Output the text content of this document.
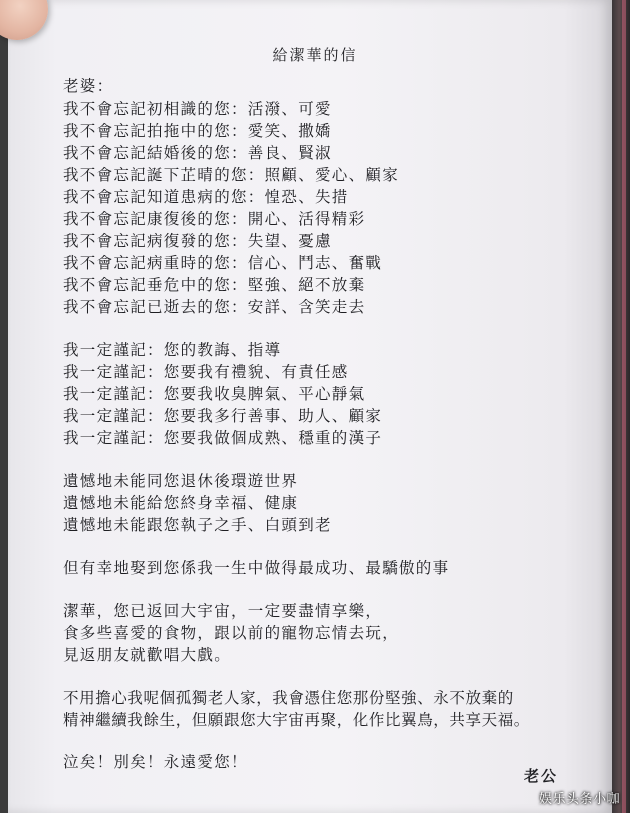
給潔華的信
老婆：
我不會忘記初相識的您：活潑、可愛
我不會忘記拍拖中的您：愛笑、撒嬌
我不會忘記結婚後的您：善良、賢淑
我不會忘記誕下芷晴的您：照顧、愛心、顧家
我不會忘記知道患病的您：惶恐、失措
我不會忘記康復後的您：開心、活得精彩
我不會忘記病復發的您：失望、憂慮
我不會忘記病重時的您：信心、鬥志、奮戰
我不會忘記垂危中的您：堅強、絕不放棄
我不會忘記已逝去的您：安詳、含笑走去
我一定謹記：您的教誨、指導
我一定謹記：您要我有禮貌、有責任感
我一定謹記：您要我收臭脾氣、平心靜氣
我一定謹記：您要我多行善事、助人、顧家
我一定謹記：您要我做個成熟、穩重的漢子
遺憾地未能同您退休後環遊世界
遺憾地未能給您終身幸福、健康
遺憾地未能跟您執子之手、白頭到老
但有幸地娶到您係我一生中做得最成功、最驕傲的事
潔華，您已返回大宇宙，一定要盡情享樂，
食多些喜愛的食物，跟以前的寵物忘情去玩，
見返朋友就歡唱大戲。
不用擔心我呢個孤獨老人家，我會憑住您那份堅強、永不放棄的
精神繼續我餘生，但願跟您大宇宙再聚，化作比翼鳥，共享天福。
泣矣！別矣！永遠愛您！
老公
娱乐头条小咖
